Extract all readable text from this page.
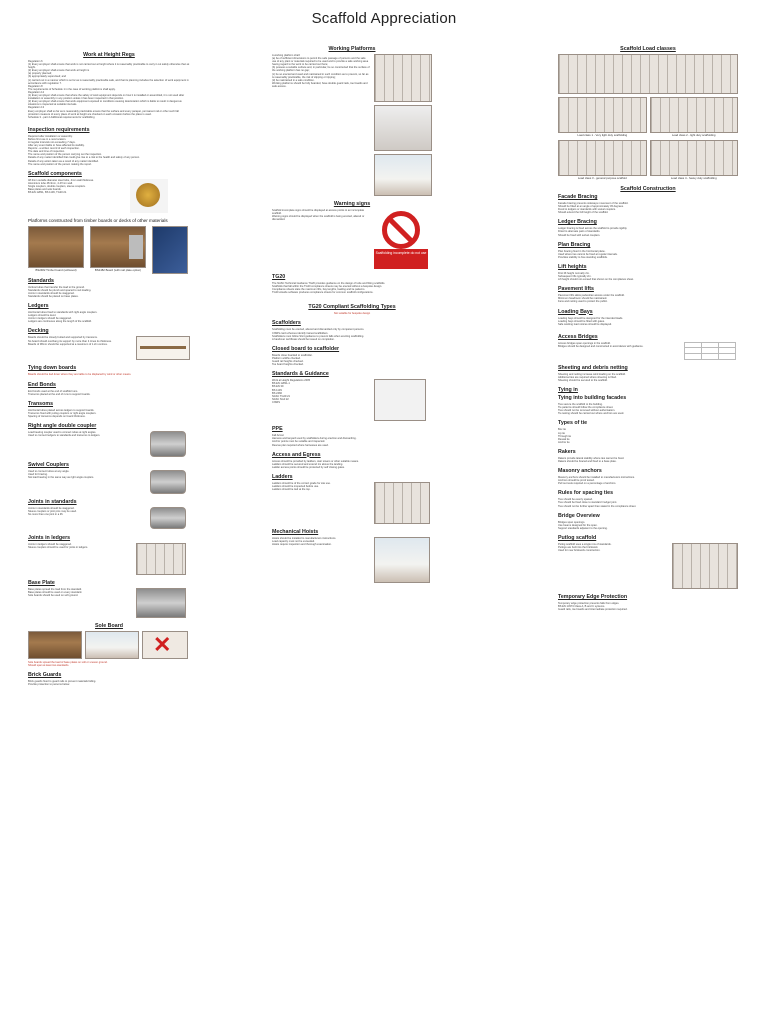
Scaffold Appreciation
Work at Height Regs
Regulation 6
(1) Every employer shall ensure that work is not carried out at height where it is reasonably practicable to carry it out safely otherwise than at height.
(2) Every employer shall ensure that work at height is
(a) properly planned;
(b) appropriately supervised; and
(c) carried out in a manner which is so far as is reasonably practicable safe, and that its planning includes the selection of work equipment in accordance with regulation 7.
Regulation 8
The requirements of Schedule 1 in the case of working platforms shall apply.
Regulation 12
(1) Every employer shall ensure that where the safety of work equipment depends on how it is installed or assembled, it is not used after installation or assembly in any position unless it has been inspected in that position.
(2) Every employer shall ensure that work equipment exposed to conditions causing deterioration which is liable to result in dangerous situations is inspected at suitable intervals.
Regulation 13
Every employer shall so far as is reasonably practicable ensure that the surface and every parapet, permanent rail or other such fall protection measure of every place of work at height are checked on each occasion before the place is used.
Schedule 3 - part 2 Additional requirements for scaffolding
Inspection requirements
Required after installation or assembly.
Before first use in a new location.
At regular intervals not exceeding 7 days.
After any event liable to have affected its stability.
Reports:- a written record of each inspection.
The date and time of inspection.
The name and position of the person carrying out the inspection.
Details of any matter identified that could give rise to a risk to the health and safety of any person.
Details of any action taken as a result of any matter identified.
The name and position of the person making the report.
Scaffold components
48.3mm outside diameter steel tube, 4mm wall thickness.
Aluminium tube 48.3mm, 4.47mm wall.
Single couplers, double couplers, sleeve couplers.
Base plates and sole boards.
BS EN 12811, BS 1139, TG20:21.
Platforms constructed from timber boards or decks of other materials
BS2482 Timber board (softwood)	BS2482 Board (with nail plate option)
Standards
Vertical tubes that transfer the load to the ground.
Standards should be plumb and spaced to suit loading.
Joints in standards should be staggered.
Standards should be placed on base plates.
Ledgers
Horizontal tubes fixed to standards with right angle couplers.
Ledgers should be level.
Joints in ledgers should be staggered.
Ledgers are continuous along the length of the scaffold.
Decking
Boards should be closely butted and supported by transoms.
No board should overhang its support by more than 4 times its thickness.
Boards of 38mm should be supported at a maximum of 1.2m centres.
Tying down boards
Boards should be tied down where they are liable to be displaced by wind or other means.
End Bonds
End bonds used at the end of scaffold runs.
Transoms placed at the end of runs to support boards.
Transoms
Horizontal tubes placed across ledgers to support boards.
Transoms fixed with putlog couplers or right angle couplers.
Spacing of transoms depends on board thickness.
Right angle double coupler
Load bearing coupler used to connect tubes at right angles.
Used to connect ledgers to standards and transoms to ledgers.
Swivel Couplers
Used to connect tubes at any angle.
Used for bracing.
Not load bearing in the same way as right angle couplers.
Joints in standards
Joints in standards should be staggered.
Sleeve couplers or joint pins may be used.
No more than one joint in a lift.
Joints in ledgers
Joints in ledgers should be staggered.
Sleeve couplers should be used for joints in ledgers.
Base Plate
Base plates spread the load from the standard.
Base plates should be used on every standard.
Sole boards should be used on soft ground.
Sole Board
✕
Sole boards spread the load of base plates on soft or uneven ground.
Should span at least two standards.
Brick Guards
Brick guards fixed to guard rails to prevent materials falling.
Provide protection to persons below.
Working Platforms
A working platform shall:
(a) be of sufficient dimensions to permit the safe passage of persons and the safe use of any plant or materials required to be used and to provide a safe working area having regard to the work to be carried out there;
(b) possess a suitable surface and, in particular, be so constructed that the surface of the working platform has no gap;
(c) be so erected and used and maintained in such condition as to prevent, so far as is reasonably practicable, the risk of slipping or tripping;
(d) be maintained in a safe condition.
Working platforms should be fully boarded, have double guard rails, toe boards and safe access.
Warning signs
Scaffold incomplete signs should be displayed at access points to an incomplete scaffold.
Warning signs should be displayed when the scaffold is being erected, altered or dismantled.
Scaffolding incomplete do not use
TG20
The NASC Technical Guidance TG20 provides guidance on the design of tube and fitting scaffolds.
Scaffolds that fall within the TG20 compliance sheets may be erected without a bespoke design.
Compliance sheets state the maximum lifts, bay lengths, loading and tie patterns.
TG20 eGuide software produces compliance sheets for common scaffold configurations.
TG20 Compliant Scaffolding Types
Not suitable for bespoke design
Scaffolders
Scaffolding must be erected, altered and dismantled only by competent persons.
CISRS card schemes identify trained scaffolders.
Scaffolders must follow SG4 guidance to prevent falls when erecting scaffolding.
A handover certificate should be issued on completion.
Closed board to scaffolder
Boards close boarded to scaffolder.
Platform widths checked.
Guard rail heights checked.
Toe board heights checked.
Standards & Guidance
Work at Height Regulations 2005
BS EN 12811-1
BS EN 39
BS 1139
BS 2482
NASC TG20:21
NASC SG4:22
CISRS
PPE
Fall Arrest
Harness and lanyard used by scaffolders during erection and dismantling.
Anchor points must be suitable and inspected.
Rescue plan required where harnesses are used.
Access and Egress
Access should be provided by ladders, stair towers or other suitable means.
Ladders should be secured and extend 1m above the landing.
Ladder access points should be protected by self closing gates.
Ladders
Ladders should be of the correct grade for site use.
Ladders should be inspected before use.
Ladders should be tied at the top.
Mechanical Hoists
Hoists should be installed to manufacturers instructions.
Load capacity must not be exceeded.
Hoists require inspection and thorough examination.
Scaffold Load classes
Load class 1 - Very light duty scaffolding	Load class 2 - light duty scaffolding
Load class 3 - general purpose scaffold	Load class 4 - heavy duty scaffolding
Scaffold Construction
Facade Bracing
Facade bracing prevents sideways movement of the scaffold.
Should be fitted at an angle of approximately 45 degrees.
Fixed to ledgers or standards with swivel couplers.
Should extend the full height of the scaffold.
Ledger Bracing
Ledger bracing is fixed across the scaffold to provide rigidity.
Fitted to alternate pairs of standards.
Should be fixed with swivel couplers.
Plan Bracing
Plan bracing fixed in the horizontal plane.
Used where ties cannot be fixed at regular intervals.
Provides stability to free standing scaffolds.
Lift heights
First lift height normally 2m.
Subsequent lifts typically 2m.
Lift height should not exceed that shown on the compliance sheet.
Pavement lifts
Pavement lifts allow pedestrian access under the scaffold.
Minimum headroom should be maintained.
Fans and netting used to protect the public.
Loading Bays
Loading bays should be designed for the intended loads.
Loading bays should be fitted with gates.
Safe working load notices should be displayed.
Access Bridges
Access bridges span openings in the scaffold.
Bridges should be designed and constructed in accordance with guidance.

Sheeting and debris netting
Sheeting and netting increase wind loading on the scaffold.
Additional ties are required where sheeting is fitted.
Sheeting should be secured to the scaffold.
Tying in
Tying into building facades
Ties secure the scaffold to the building.
Tie patterns should follow the compliance sheet.
Ties should not be removed without authorisation.
Tie testing should be carried out where anchors are used.
Types of tie
Box tie
Lip tie
Through tie
Reveal tie
Anchor tie
Rakers
Rakers provide lateral stability where ties cannot be fixed.
Rakers should be braced and fixed to a base plate.
Masonry anchors
Masonry anchors should be installed to manufacturers instructions.
Anchors should be proof tested.
Pull out tests required on a percentage of anchors.
Rules for spacing ties
Ties should be evenly spaced.
Ties should be fixed close to standard / ledger joint.
Ties should not be further apart than stated in the compliance sheet.
Bridge Overview
Bridges span openings.
Use beams designed for the span.
Support standards adjacent to the opening.
Putlog scaffold
Putlog scaffold uses a single row of standards.
Putlogs are built into the brickwork.
Used for new brickwork construction.
Temporary Edge Protection
Temporary edge protection prevents falls from edges.
BS EN 13374 Class A, B and C systems.
Guard rails, toe boards and intermediate protection required.
